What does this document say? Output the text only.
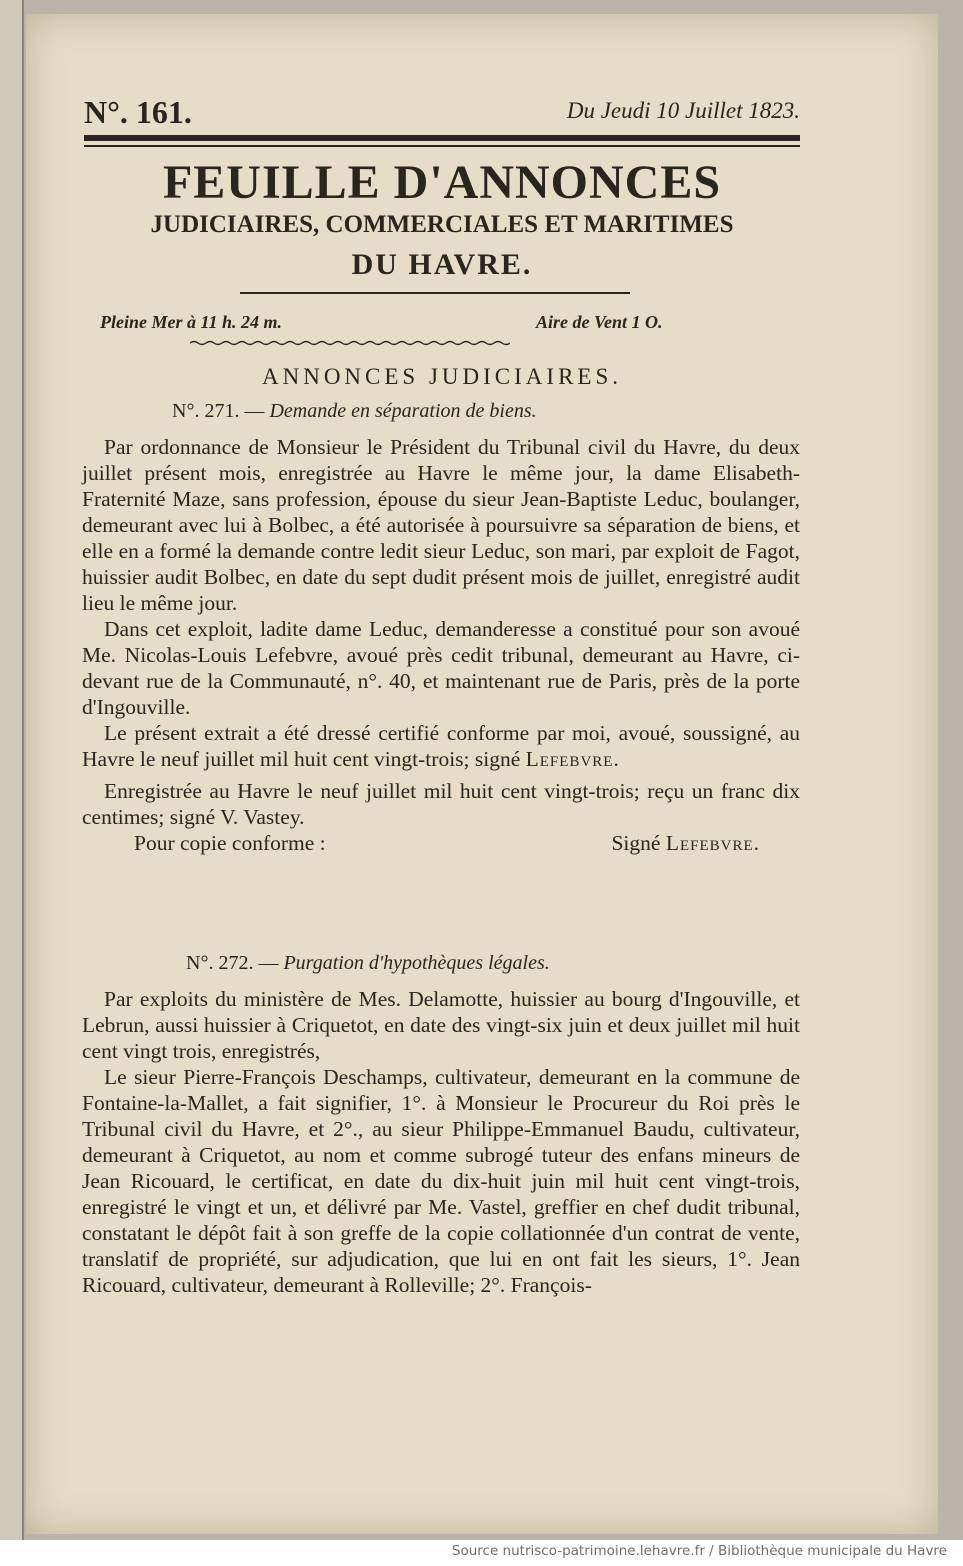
N°. 161.	Du Jeudi 10 Juillet 1823.
FEUILLE D'ANNONCES
JUDICIAIRES, COMMERCIALES ET MARITIMES
DU HAVRE.
Pleine Mer à 11 h. 24 m.	Aire de Vent 1 O.
ANNONCES JUDICIAIRES.
N°. 271. — Demande en séparation de biens.

Par ordonnance de Monsieur le Président du Tribunal civil du Havre, du deux juillet présent mois, enregistrée au Havre le même jour, la dame Elisabeth-Fraternité Maze, sans profession, épouse du sieur Jean-Baptiste Leduc, boulanger, demeurant avec lui à Bolbec, a été autorisée à poursuivre sa séparation de biens, et elle en a formé la demande contre ledit sieur Leduc, son mari, par exploit de Fagot, huissier audit Bolbec, en date du sept dudit présent mois de juillet, enregistré audit lieu le même jour.

Dans cet exploit, ladite dame Leduc, demanderesse a constitué pour son avoué Me. Nicolas-Louis Lefebvre, avoué près cedit tribunal, demeurant au Havre, ci-devant rue de la Communauté, n°. 40, et maintenant rue de Paris, près de la porte d'Ingouville.

Le présent extrait a été dressé certifié conforme par moi, avoué, soussigné, au Havre le neuf juillet mil huit cent vingt-trois; signé Lefebvre.

Enregistrée au Havre le neuf juillet mil huit cent vingt-trois; reçu un franc dix centimes; signé V. Vastey.

Pour copie conforme :	Signé Lefebvre.
N°. 272. — Purgation d'hypothèques légales.

Par exploits du ministère de Mes. Delamotte, huissier au bourg d'Ingouville, et Lebrun, aussi huissier à Criquetot, en date des vingt-six juin et deux juillet mil huit cent vingt trois, enregistrés,

Le sieur Pierre-François Deschamps, cultivateur, demeurant en la commune de Fontaine-la-Mallet, a fait signifier, 1°. à Monsieur le Procureur du Roi près le Tribunal civil du Havre, et 2°., au sieur Philippe-Emmanuel Baudu, cultivateur, demeurant à Criquetot, au nom et comme subrogé tuteur des enfans mineurs de Jean Ricouard, le certificat, en date du dix-huit juin mil huit cent vingt-trois, enregistré le vingt et un, et délivré par Me. Vastel, greffier en chef dudit tribunal, constatant le dépôt fait à son greffe de la copie collationnée d'un contrat de vente, translatif de propriété, sur adjudication, que lui en ont fait les sieurs, 1°. Jean Ricouard, cultivateur, demeurant à Rolleville; 2°. François-

Source nutrisco-patrimoine.lehavre.fr / Bibliothèque municipale du Havre
